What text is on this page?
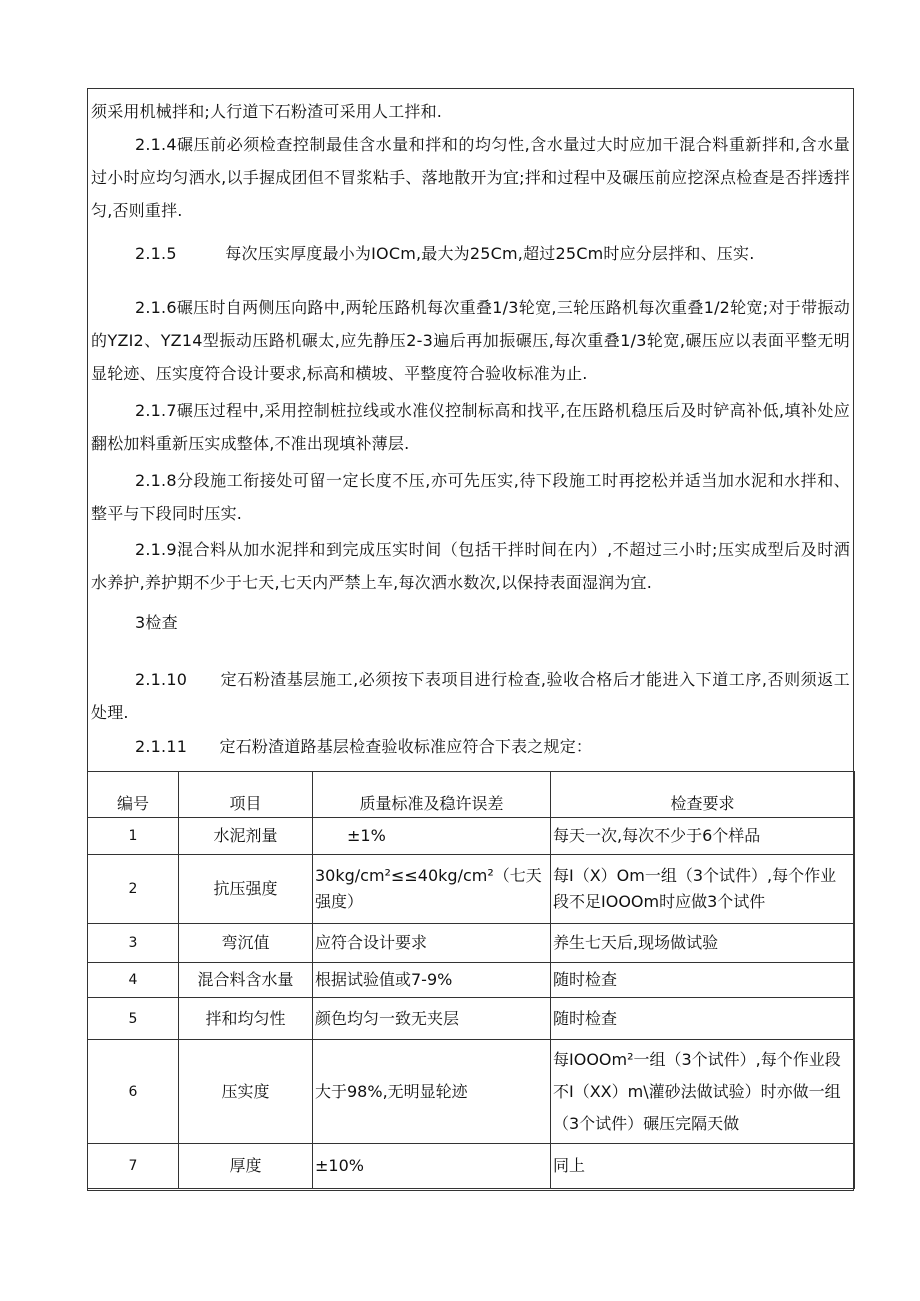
须采用机械拌和;人行道下石粉渣可采用人工拌和.
2.1.4碾压前必须检查控制最佳含水量和拌和的均匀性,含水量过大时应加干混合料重新拌和,含水量过小时应均匀洒水,以手握成团但不冒浆粘手、落地散开为宜;拌和过程中及碾压前应挖深点检查是否拌透拌匀,否则重拌.
2.1.5　　　每次压实厚度最小为IOCm,最大为25Cm,超过25Cm时应分层拌和、压实.
2.1.6碾压时自两侧压向路中,两轮压路机每次重叠1/3轮宽,三轮压路机每次重叠1/2轮宽;对于带振动的YZI2、YZ14型振动压路机碾太,应先静压2-3遍后再加振碾压,每次重叠1/3轮宽,碾压应以表面平整无明显轮迹、压实度符合设计要求,标高和横坡、平整度符合验收标准为止.
2.1.7碾压过程中,采用控制桩拉线或水准仪控制标高和找平,在压路机稳压后及时铲高补低,填补处应翻松加料重新压实成整体,不准出现填补薄层.
2.1.8分段施工衔接处可留一定长度不压,亦可先压实,待下段施工时再挖松并适当加水泥和水拌和、整平与下段同时压实.
2.1.9混合料从加水泥拌和到完成压实时间（包括干拌时间在内）,不超过三小时;压实成型后及时洒水养护,养护期不少于七天,七天内严禁上车,每次洒水数次,以保持表面湿润为宜.
3检查
2.1.10　　定石粉渣基层施工,必须按下表项目进行检查,验收合格后才能进入下道工序,否则须返工处理.
2.1.11　　定石粉渣道路基层检查验收标准应符合下表之规定：
编号	项目	质量标准及稳许误差	检查要求
1	水泥剂量	　　±1%	每天一次,每次不少于6个样品
2	抗压强度	30kg∕cm²≤≤40kg∕cm²（七天强度）	每I（X）Om一组（3个试件）,每个作业段不足IOOOm时应做3个试件
3	弯沉值	应符合设计要求	养生七天后,现场做试验
4	混合料含水量	根据试验值或7-9%	随时检查
5	拌和均匀性	颜色均匀一致无夹层	随时检查
6	压实度	大于98%,无明显轮迹	每IOOOm²一组（3个试件）,每个作业段不I（XX）m\灌砂法做试验）时亦做一组（3个试件）碾压完隔天做
7	厚度	±10%	同上
